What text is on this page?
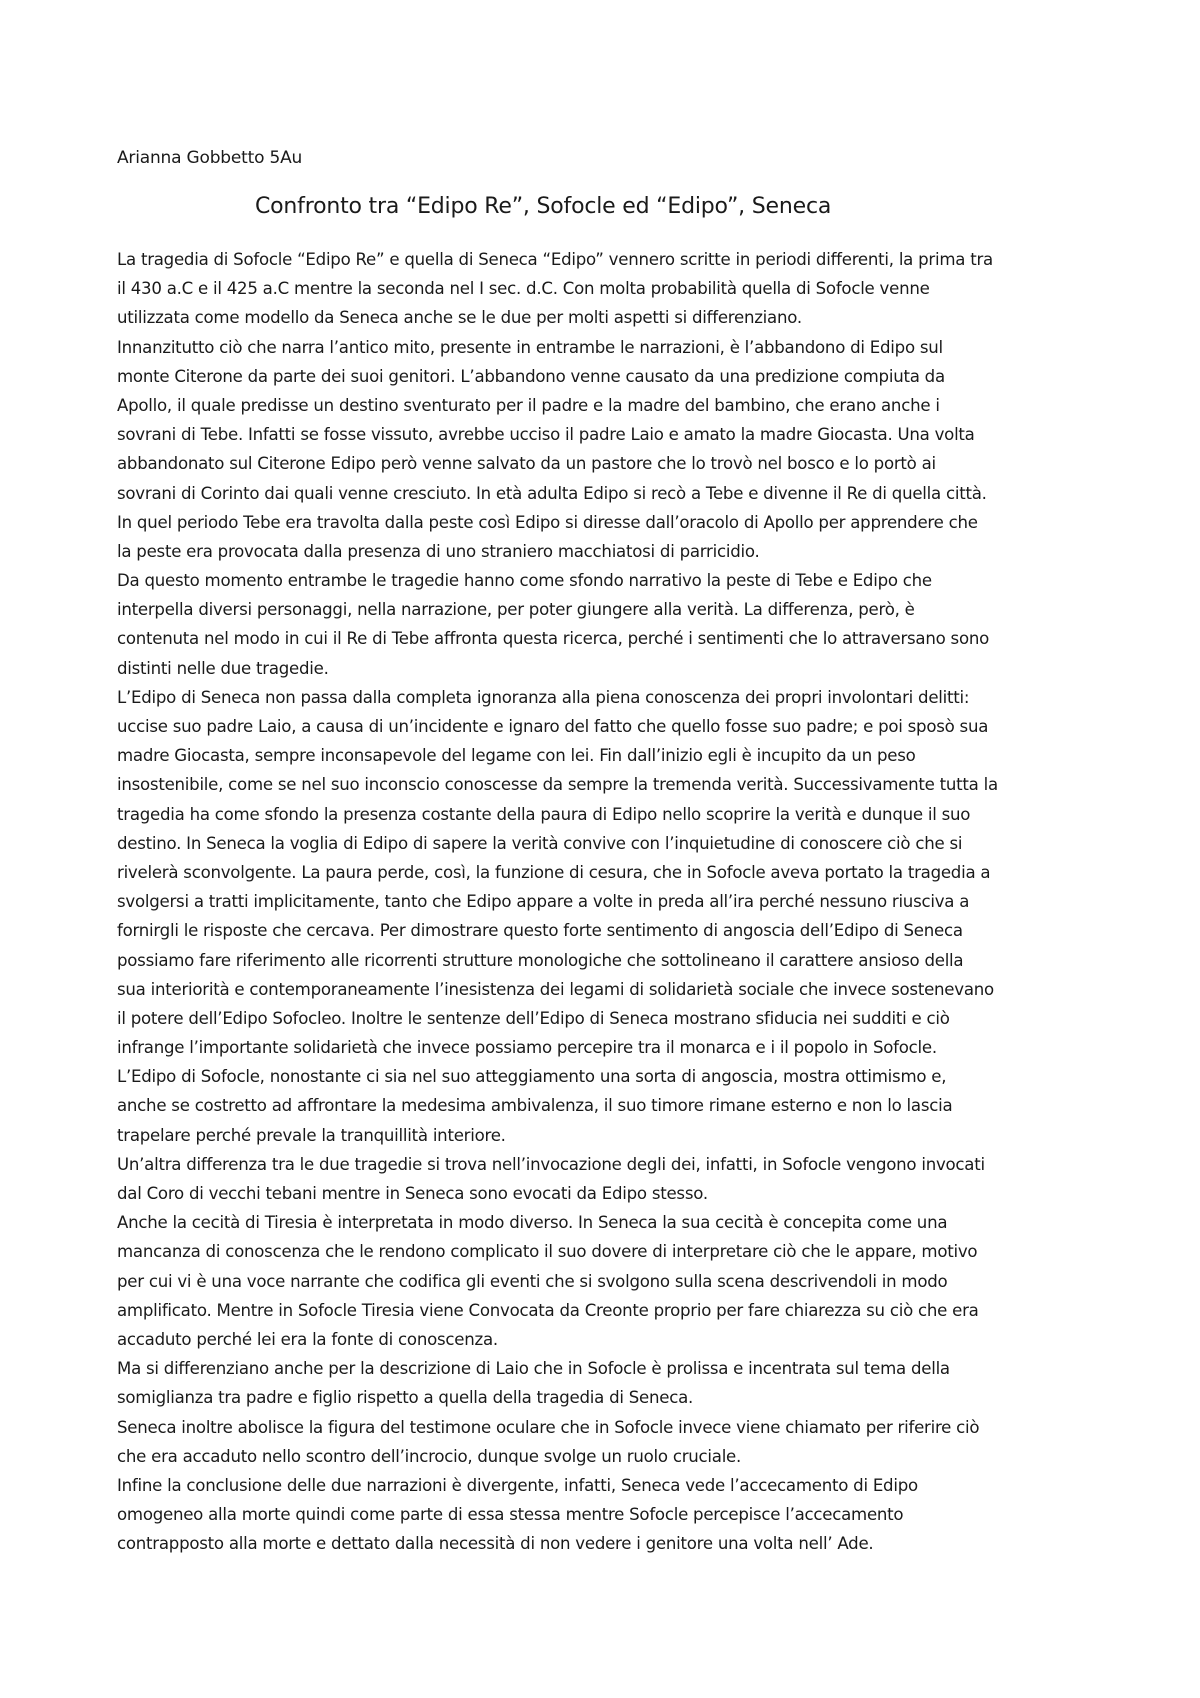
Arianna Gobbetto 5Au
Confronto tra “Edipo Re”, Sofocle ed “Edipo”, Seneca
La tragedia di Sofocle “Edipo Re” e quella di Seneca “Edipo” vennero scritte in periodi differenti, la prima tra
il 430 a.C e il 425 a.C mentre la seconda nel I sec. d.C. Con molta probabilità quella di Sofocle venne
utilizzata come modello da Seneca anche se le due per molti aspetti si differenziano.
Innanzitutto ciò che narra l’antico mito, presente in entrambe le narrazioni, è l’abbandono di Edipo sul
monte Citerone da parte dei suoi genitori. L’abbandono venne causato da una predizione compiuta da
Apollo, il quale predisse un destino sventurato per il padre e la madre del bambino, che erano anche i
sovrani di Tebe. Infatti se fosse vissuto, avrebbe ucciso il padre Laio e amato la madre Giocasta. Una volta
abbandonato sul Citerone Edipo però venne salvato da un pastore che lo trovò nel bosco e lo portò ai
sovrani di Corinto dai quali venne cresciuto. In età adulta Edipo si recò a Tebe e divenne il Re di quella città.
In quel periodo Tebe era travolta dalla peste così Edipo si diresse dall’oracolo di Apollo per apprendere che
la peste era provocata dalla presenza di uno straniero macchiatosi di parricidio.
Da questo momento entrambe le tragedie hanno come sfondo narrativo la peste di Tebe e Edipo che
interpella diversi personaggi, nella narrazione, per poter giungere alla verità. La differenza, però, è
contenuta nel modo in cui il Re di Tebe affronta questa ricerca, perché i sentimenti che lo attraversano sono
distinti nelle due tragedie.
L’Edipo di Seneca non passa dalla completa ignoranza alla piena conoscenza dei propri involontari delitti:
uccise suo padre Laio, a causa di un’incidente e ignaro del fatto che quello fosse suo padre; e poi sposò sua
madre Giocasta, sempre inconsapevole del legame con lei. Fin dall’inizio egli è incupito da un peso
insostenibile, come se nel suo inconscio conoscesse da sempre la tremenda verità. Successivamente tutta la
tragedia ha come sfondo la presenza costante della paura di Edipo nello scoprire la verità e dunque il suo
destino. In Seneca la voglia di Edipo di sapere la verità convive con l’inquietudine di conoscere ciò che si
rivelerà sconvolgente. La paura perde, così, la funzione di cesura, che in Sofocle aveva portato la tragedia a
svolgersi a tratti implicitamente, tanto che Edipo appare a volte in preda all’ira perché nessuno riusciva a
fornirgli le risposte che cercava. Per dimostrare questo forte sentimento di angoscia dell’Edipo di Seneca
possiamo fare riferimento alle ricorrenti strutture monologiche che sottolineano il carattere ansioso della
sua interiorità e contemporaneamente l’inesistenza dei legami di solidarietà sociale che invece sostenevano
il potere dell’Edipo Sofocleo. Inoltre le sentenze dell’Edipo di Seneca mostrano sfiducia nei sudditi e ciò
infrange l’importante solidarietà che invece possiamo percepire tra il monarca e i il popolo in Sofocle.
L’Edipo di Sofocle, nonostante ci sia nel suo atteggiamento una sorta di angoscia, mostra ottimismo e,
anche se costretto ad affrontare la medesima ambivalenza, il suo timore rimane esterno e non lo lascia
trapelare perché prevale la tranquillità interiore.
Un’altra differenza tra le due tragedie si trova nell’invocazione degli dei, infatti, in Sofocle vengono invocati
dal Coro di vecchi tebani mentre in Seneca sono evocati da Edipo stesso.
Anche la cecità di Tiresia è interpretata in modo diverso. In Seneca la sua cecità è concepita come una
mancanza di conoscenza che le rendono complicato il suo dovere di interpretare ciò che le appare, motivo
per cui vi è una voce narrante che codifica gli eventi che si svolgono sulla scena descrivendoli in modo
amplificato. Mentre in Sofocle Tiresia viene Convocata da Creonte proprio per fare chiarezza su ciò che era
accaduto perché lei era la fonte di conoscenza.
Ma si differenziano anche per la descrizione di Laio che in Sofocle è prolissa e incentrata sul tema della
somiglianza tra padre e figlio rispetto a quella della tragedia di Seneca.
Seneca inoltre abolisce la figura del testimone oculare che in Sofocle invece viene chiamato per riferire ciò
che era accaduto nello scontro dell’incrocio, dunque svolge un ruolo cruciale.
Infine la conclusione delle due narrazioni è divergente, infatti, Seneca vede l’accecamento di Edipo
omogeneo alla morte quindi come parte di essa stessa mentre Sofocle percepisce l’accecamento
contrapposto alla morte e dettato dalla necessità di non vedere i genitore una volta nell’ Ade.
